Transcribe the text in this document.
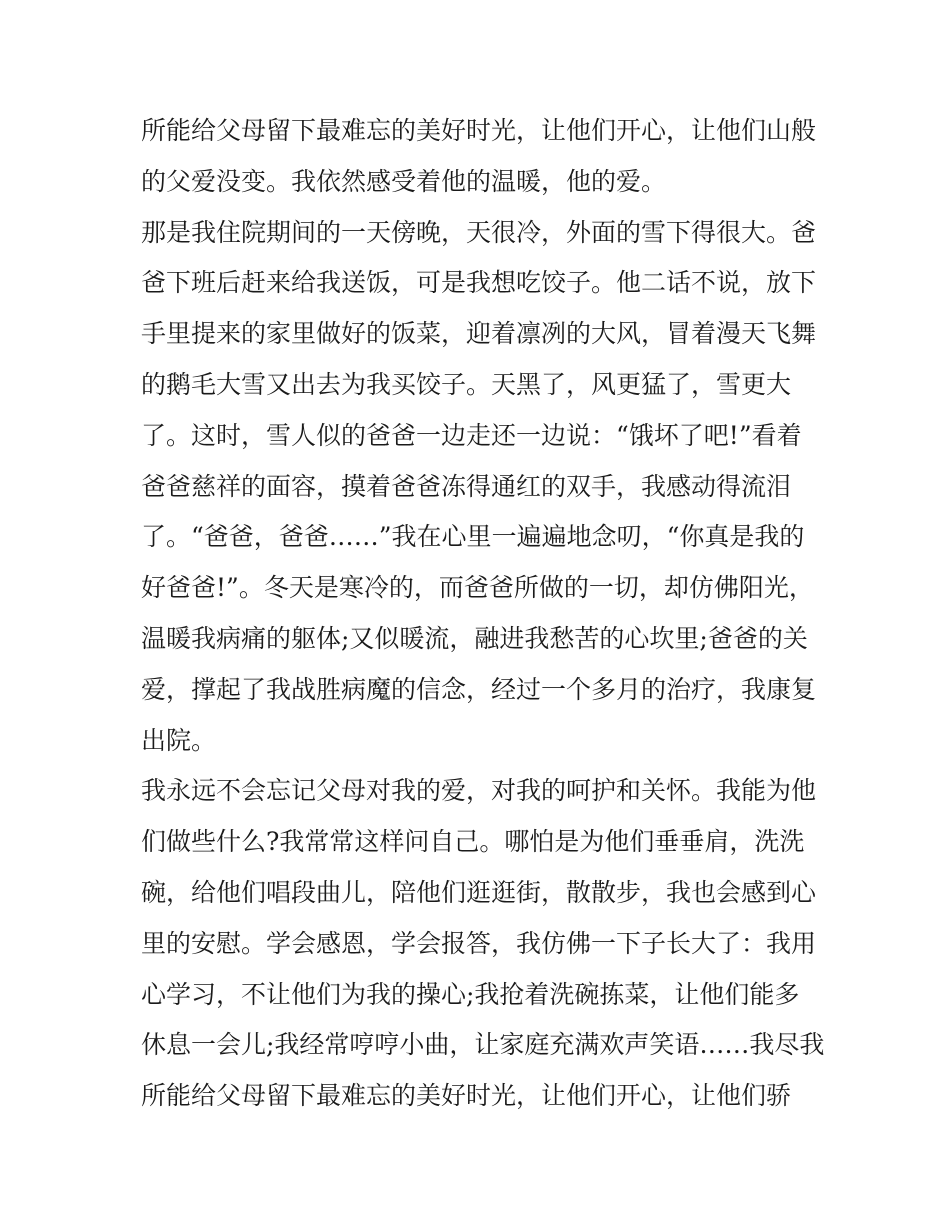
所能给父母留下最难忘的美好时光，让他们开心，让他们山般
的父爱没变。我依然感受着他的温暖，他的爱。
那是我住院期间的一天傍晚，天很冷，外面的雪下得很大。爸
爸下班后赶来给我送饭，可是我想吃饺子。他二话不说，放下
手里提来的家里做好的饭菜，迎着凛冽的大风，冒着漫天飞舞
的鹅毛大雪又出去为我买饺子。天黑了，风更猛了，雪更大
了。这时，雪人似的爸爸一边走还一边说：“饿坏了吧!”看着
爸爸慈祥的面容，摸着爸爸冻得通红的双手，我感动得流泪
了。“爸爸，爸爸……”我在心里一遍遍地念叨，“你真是我的
好爸爸!”。冬天是寒冷的，而爸爸所做的一切，却仿佛阳光，
温暖我病痛的躯体;又似暖流，融进我愁苦的心坎里;爸爸的关
爱，撑起了我战胜病魔的信念，经过一个多月的治疗，我康复
出院。
我永远不会忘记父母对我的爱，对我的呵护和关怀。我能为他
们做些什么?我常常这样问自己。哪怕是为他们垂垂肩，洗洗
碗，给他们唱段曲儿，陪他们逛逛街，散散步，我也会感到心
里的安慰。学会感恩，学会报答，我仿佛一下子长大了：我用
心学习，不让他们为我的操心;我抢着洗碗拣菜，让他们能多
休息一会儿;我经常哼哼小曲，让家庭充满欢声笑语……我尽我
所能给父母留下最难忘的美好时光，让他们开心，让他们骄
